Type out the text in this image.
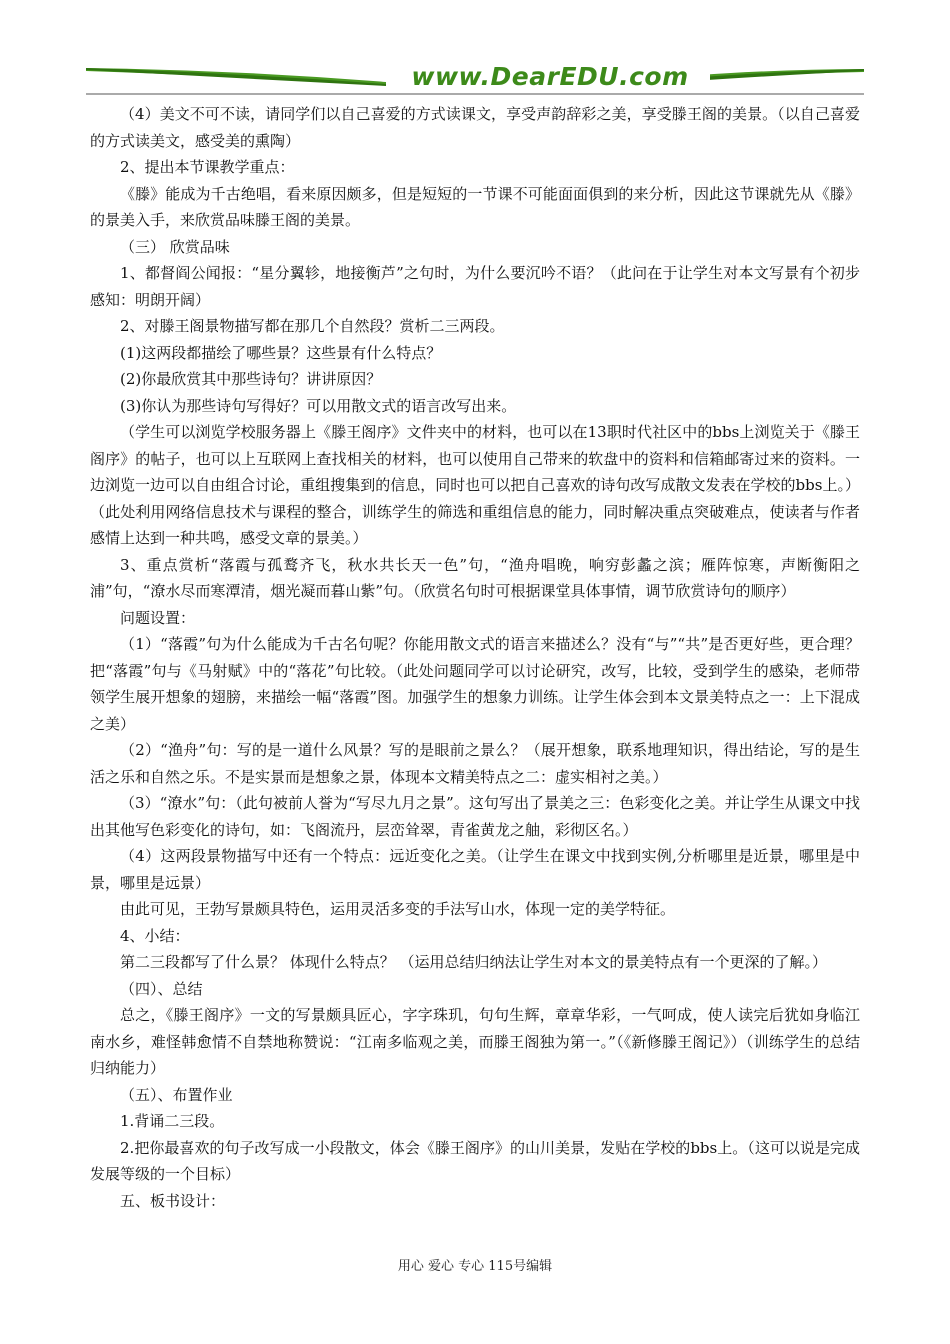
www.DearEDU.com

（4）美文不可不读，请同学们以自己喜爱的方式读课文，享受声韵辞彩之美，享受滕王阁的美景。（以自己喜爱的方式读美文，感受美的熏陶）

2、提出本节课教学重点：

《滕》能成为千古绝唱，看来原因颇多，但是短短的一节课不可能面面俱到的来分析，因此这节课就先从《滕》的景美入手，来欣赏品味滕王阁的美景。

（三） 欣赏品味

1、都督阎公闻报：“星分翼轸，地接衡芦”之句时，为什么要沉吟不语？（此问在于让学生对本文写景有个初步感知：明朗开阔）

2、对滕王阁景物描写都在那几个自然段？赏析二三两段。

(1)这两段都描绘了哪些景？这些景有什么特点？

(2)你最欣赏其中那些诗句？讲讲原因？

(3)你认为那些诗句写得好？可以用散文式的语言改写出来。

（学生可以浏览学校服务器上《滕王阁序》文件夹中的材料，也可以在13职时代社区中的bbs上浏览关于《滕王阁序》的帖子，也可以上互联网上查找相关的材料，也可以使用自己带来的软盘中的资料和信箱邮寄过来的资料。一边浏览一边可以自由组合讨论，重组搜集到的信息，同时也可以把自己喜欢的诗句改写成散文发表在学校的bbs上。）（此处利用网络信息技术与课程的整合，训练学生的筛选和重组信息的能力，同时解决重点突破难点，使读者与作者感情上达到一种共鸣，感受文章的景美。）

3、重点赏析“落霞与孤鹜齐飞，秋水共长天一色”句，“渔舟唱晚，响穷彭蠡之滨；雁阵惊寒，声断衡阳之浦”句，“潦水尽而寒潭清，烟光凝而暮山紫”句。（欣赏名句时可根据课堂具体事情，调节欣赏诗句的顺序）

问题设置：

（1）“落霞”句为什么能成为千古名句呢？你能用散文式的语言来描述么？没有“与”“共”是否更好些，更合理？把“落霞”句与《马射赋》中的“落花”句比较。（此处问题同学可以讨论研究，改写，比较，受到学生的感染，老师带领学生展开想象的翅膀，来描绘一幅“落霞”图。加强学生的想象力训练。让学生体会到本文景美特点之一：上下混成之美）

（2）“渔舟”句：写的是一道什么风景？写的是眼前之景么？（展开想象，联系地理知识，得出结论，写的是生活之乐和自然之乐。不是实景而是想象之景，体现本文精美特点之二：虚实相衬之美。）

（3）“潦水”句：（此句被前人誉为“写尽九月之景”。这句写出了景美之三：色彩变化之美。并让学生从课文中找出其他写色彩变化的诗句，如：飞阁流丹，层峦耸翠，青雀黄龙之舳，彩彻区名。）

（4）这两段景物描写中还有一个特点：远近变化之美。（让学生在课文中找到实例,分析哪里是近景，哪里是中景，哪里是远景）

由此可见，王勃写景颇具特色，运用灵活多变的手法写山水，体现一定的美学特征。

4、小结：

第二三段都写了什么景？ 体现什么特点？ （运用总结归纳法让学生对本文的景美特点有一个更深的了解。）

（四）、总结

总之，《滕王阁序》一文的写景颇具匠心，字字珠玑，句句生辉，章章华彩，一气呵成，使人读完后犹如身临江南水乡，难怪韩愈情不自禁地称赞说：“江南多临观之美，而滕王阁独为第一。”（《新修滕王阁记》）（训练学生的总结归纳能力）

（五）、布置作业

1.背诵二三段。

2.把你最喜欢的句子改写成一小段散文，体会《滕王阁序》的山川美景，发贴在学校的bbs上。（这可以说是完成发展等级的一个目标）

五、板书设计：

用心 爱心 专心 115号编辑
